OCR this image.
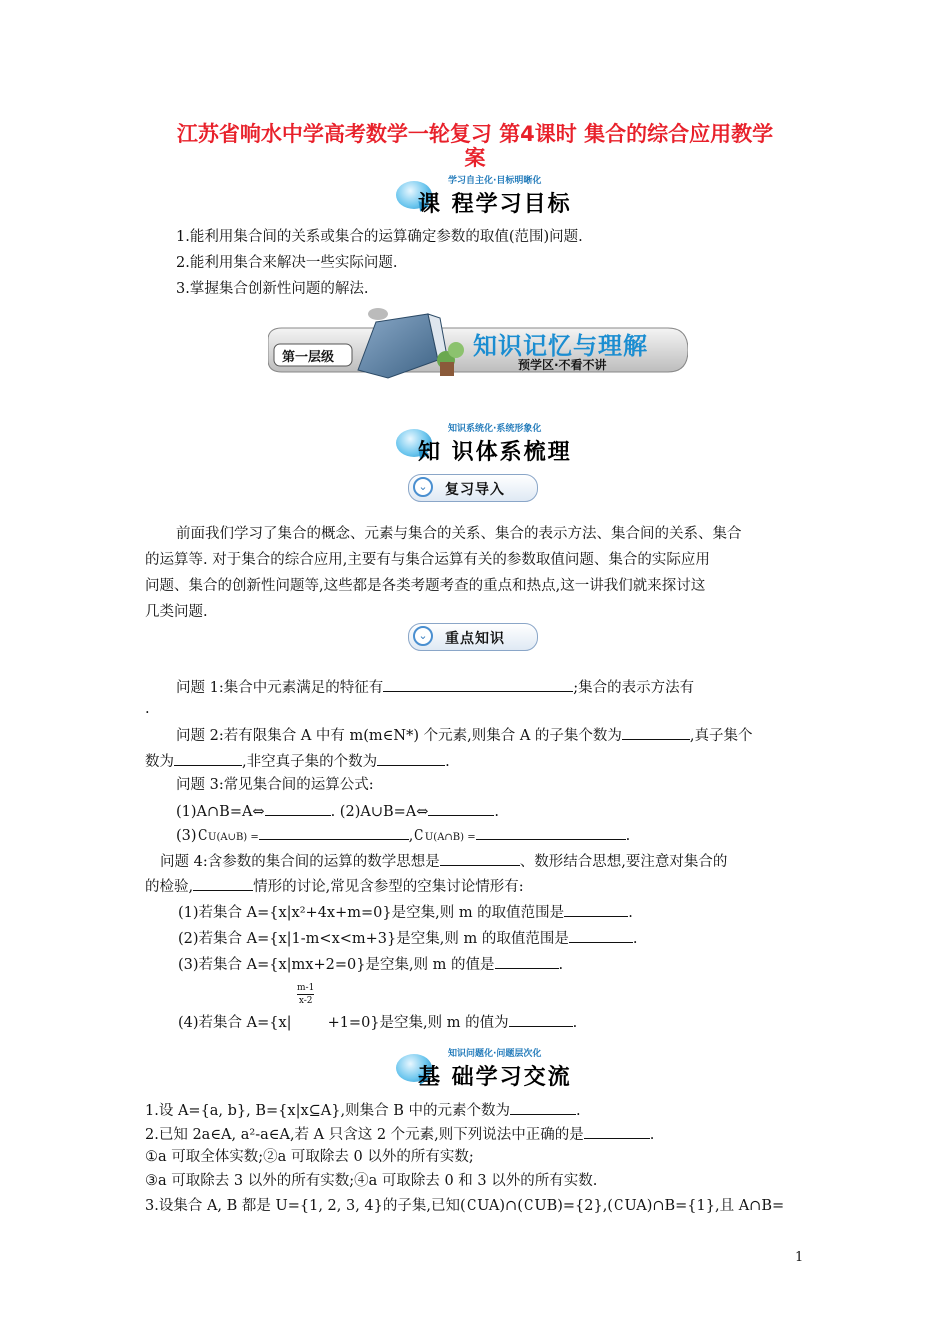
江苏省响水中学高考数学一轮复习 第4课时 集合的综合应用教学
案
学习自主化·目标明晰化
课 程学习目标
1.能利用集合间的关系或集合的运算确定参数的取值(范围)问题.
2.能利用集合来解决一些实际问题.
3.掌握集合创新性问题的解法.
第一层级	知识记忆与理解
预学区·不看不讲
知识系统化·系统形象化
知 识体系梳理
⌄	复习导入
前面我们学习了集合的概念、元素与集合的关系、集合的表示方法、集合间的关系、集合
的运算等. 对于集合的综合应用,主要有与集合运算有关的参数取值问题、集合的实际应用
问题、集合的创新性问题等,这些都是各类考题考查的重点和热点,这一讲我们就来探讨这
几类问题.
⌄	重点知识
问题 1:集合中元素满足的特征有	;集合的表示方法有
.
问题 2:若有限集合 A 中有 m(m∈N*) 个元素,则集合 A 的子集个数为	,真子集个
数为	,非空真子集的个数为	.
问题 3:常见集合间的运算公式:
(1)A∩B=A⇔	. (2)A∪B=A⇔	.
(3)CU(A∪B) =	,CU(A∩B) =	.
问题 4:含参数的集合间的运算的数学思想是	、数形结合思想,要注意对集合的
的检验,	情形的讨论,常见含参型的空集讨论情形有:
(1)若集合 A={x|x²+4x+m=0}是空集,则 m 的取值范围是	.
(2)若集合 A={x|1-m<x<m+3}是空集,则 m 的取值范围是	.
(3)若集合 A={x|mx+2=0}是空集,则 m 的值是	.
m-1
x-2
(4)若集合 A={x| +1=0}是空集,则 m 的值为	.
知识问题化·问题层次化
基 础学习交流
1.设 A={a, b}, B={x|x⊆A},则集合 B 中的元素个数为	.
2.已知 2a∈A, a²-a∈A,若 A 只含这 2 个元素,则下列说法中正确的是	.
①a 可取全体实数;②a 可取除去 0 以外的所有实数;
③a 可取除去 3 以外的所有实数;④a 可取除去 0 和 3 以外的所有实数.
3.设集合 A, B 都是 U={1, 2, 3, 4}的子集,已知(CUA)∩(CUB)={2},(CUA)∩B={1},且 A∩B=
1
